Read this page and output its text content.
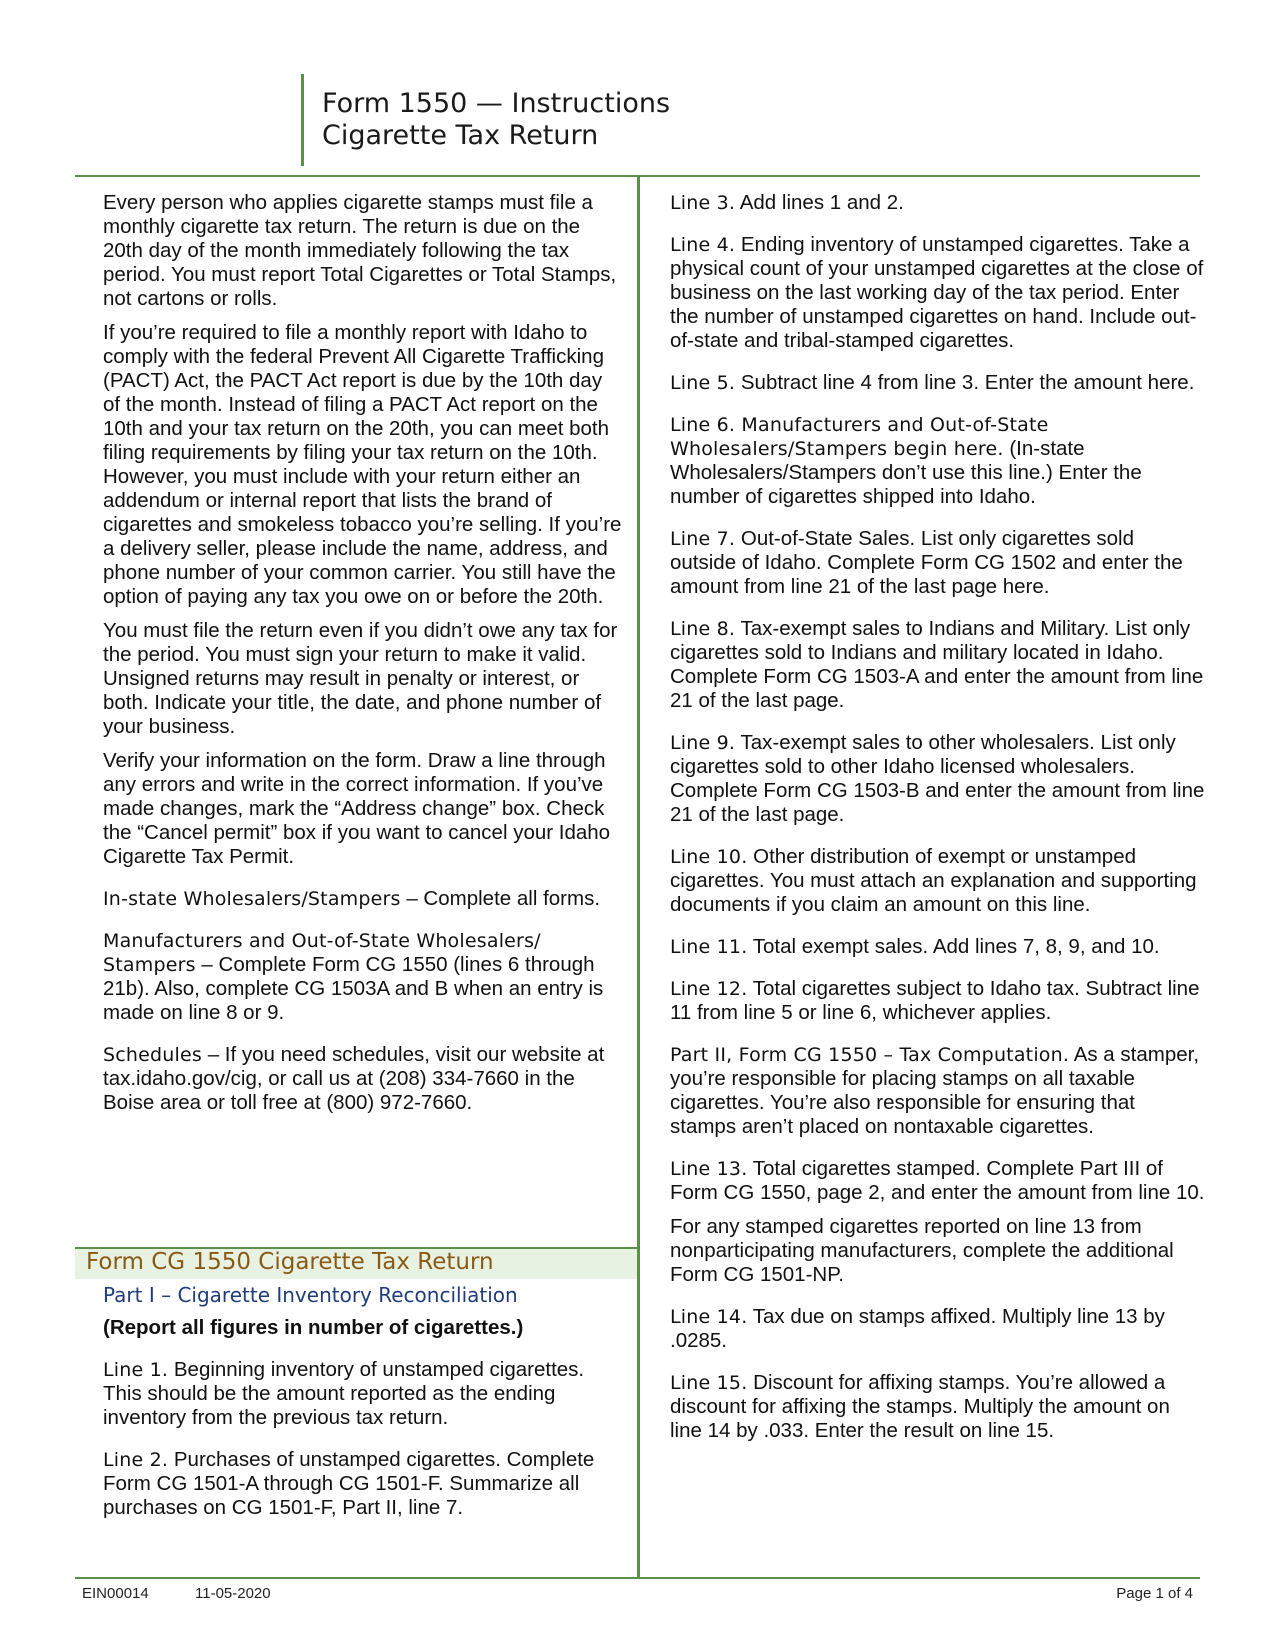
Form 1550 — Instructions
Cigarette Tax Return

Every person who applies cigarette stamps must file a monthly cigarette tax return. The return is due on the 20th day of the month immediately following the tax period. You must report Total Cigarettes or Total Stamps, not cartons or rolls.

If you’re required to file a monthly report with Idaho to comply with the federal Prevent All Cigarette Trafficking (PACT) Act, the PACT Act report is due by the 10th day of the month. Instead of filing a PACT Act report on the 10th and your tax return on the 20th, you can meet both filing requirements by filing your tax return on the 10th. However, you must include with your return either an addendum or internal report that lists the brand of cigarettes and smokeless tobacco you’re selling. If you’re a delivery seller, please include the name, address, and phone number of your common carrier. You still have the option of paying any tax you owe on or before the 20th.

You must file the return even if you didn’t owe any tax for the period. You must sign your return to make it valid. Unsigned returns may result in penalty or interest, or both. Indicate your title, the date, and phone number of your business.

Verify your information on the form. Draw a line through any errors and write in the correct information. If you’ve made changes, mark the “Address change” box. Check the “Cancel permit” box if you want to cancel your Idaho Cigarette Tax Permit.

In-state Wholesalers/Stampers – Complete all forms.

Manufacturers and Out-of-State Wholesalers/ Stampers – Complete Form CG 1550 (lines 6 through 21b). Also, complete CG 1503A and B when an entry is made on line 8 or 9.

Schedules – If you need schedules, visit our website at tax.idaho.gov/cig, or call us at (208) 334-7660 in the Boise area or toll free at (800) 972-7660.

Form CG 1550 Cigarette Tax Return
Part I – Cigarette Inventory Reconciliation

(Report all figures in number of cigarettes.)

Line 1. Beginning inventory of unstamped cigarettes. This should be the amount reported as the ending inventory from the previous tax return.

Line 2. Purchases of unstamped cigarettes. Complete Form CG 1501-A through CG 1501-F. Summarize all purchases on CG 1501-F, Part II, line 7.

Line 3. Add lines 1 and 2.

Line 4. Ending inventory of unstamped cigarettes. Take a physical count of your unstamped cigarettes at the close of business on the last working day of the tax period. Enter the number of unstamped cigarettes on hand. Include out-of-state and tribal-stamped cigarettes.

Line 5. Subtract line 4 from line 3. Enter the amount here.

Line 6. Manufacturers and Out-of-State Wholesalers/Stampers begin here. (In-state Wholesalers/Stampers don’t use this line.) Enter the number of cigarettes shipped into Idaho.

Line 7. Out-of-State Sales. List only cigarettes sold outside of Idaho. Complete Form CG 1502 and enter the amount from line 21 of the last page here.

Line 8. Tax-exempt sales to Indians and Military. List only cigarettes sold to Indians and military located in Idaho. Complete Form CG 1503-A and enter the amount from line 21 of the last page.

Line 9. Tax-exempt sales to other wholesalers. List only cigarettes sold to other Idaho licensed wholesalers. Complete Form CG 1503-B and enter the amount from line 21 of the last page.

Line 10. Other distribution of exempt or unstamped cigarettes. You must attach an explanation and supporting documents if you claim an amount on this line.

Line 11. Total exempt sales. Add lines 7, 8, 9, and 10.

Line 12. Total cigarettes subject to Idaho tax. Subtract line 11 from line 5 or line 6, whichever applies.

Part II, Form CG 1550 – Tax Computation. As a stamper, you’re responsible for placing stamps on all taxable cigarettes. You’re also responsible for ensuring that stamps aren’t placed on nontaxable cigarettes.

Line 13. Total cigarettes stamped. Complete Part III of Form CG 1550, page 2, and enter the amount from line 10.

For any stamped cigarettes reported on line 13 from nonparticipating manufacturers, complete the additional Form CG 1501-NP.

Line 14. Tax due on stamps affixed. Multiply line 13 by .0285.

Line 15. Discount for affixing stamps. You’re allowed a discount for affixing the stamps. Multiply the amount on line 14 by .033. Enter the result on line 15.

EIN00014	11-05-2020	Page 1 of 4
